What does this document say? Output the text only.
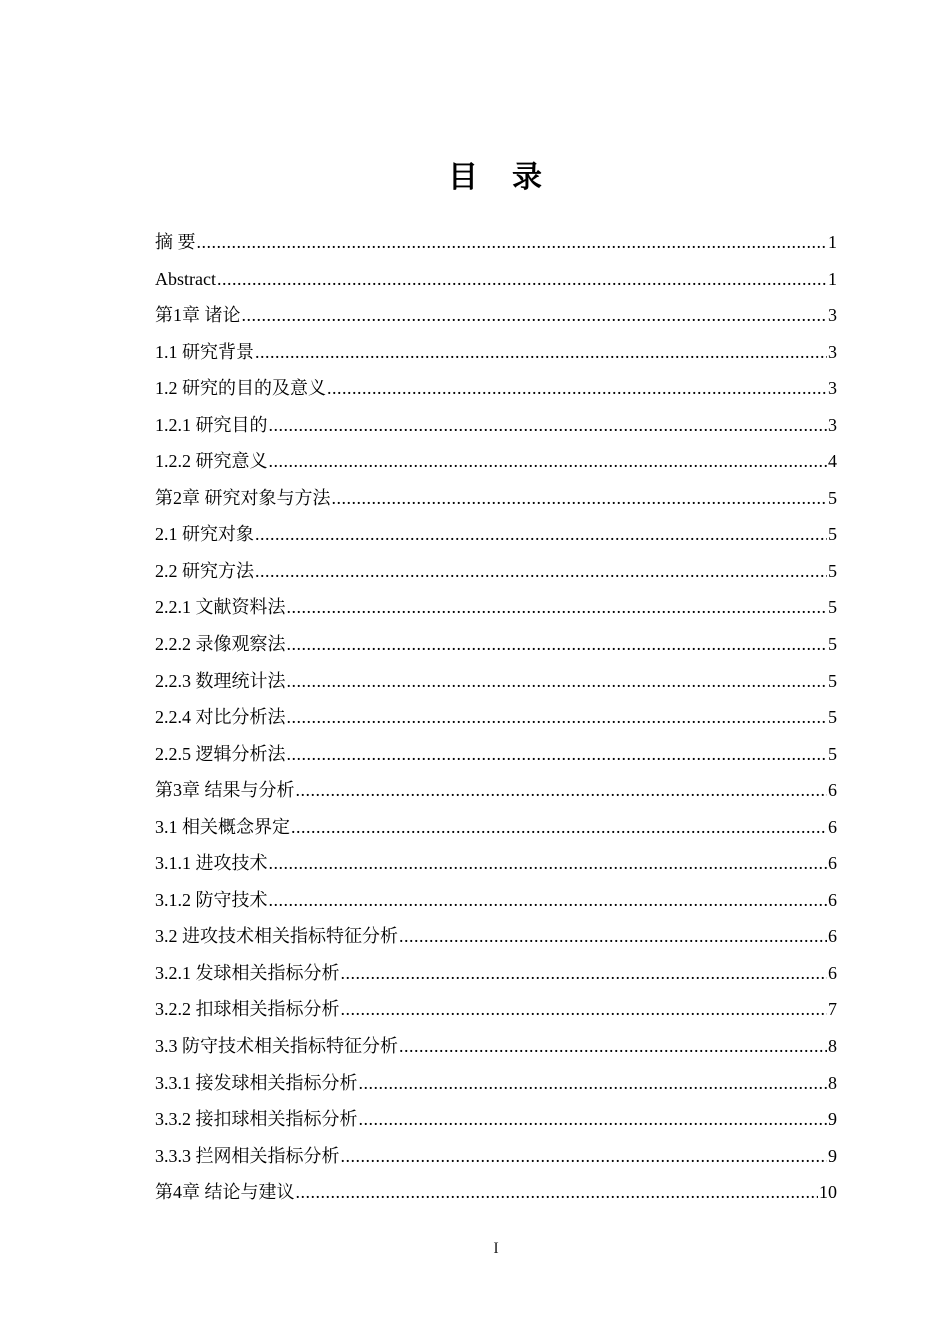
目　录
摘 要 .....	1
Abstract .....	1
第1章 诸论 .....	3
1.1 研究背景 .....	3
1.2 研究的目的及意义 .....	3
1.2.1 研究目的 .....	3
1.2.2 研究意义 .....	4
第2章 研究对象与方法 .....	5
2.1 研究对象 .....	5
2.2 研究方法 .....	5
2.2.1 文献资料法 .....	5
2.2.2 录像观察法 .....	5
2.2.3 数理统计法 .....	5
2.2.4 对比分析法 .....	5
2.2.5 逻辑分析法 .....	5
第3章 结果与分析 .....	6
3.1 相关概念界定 .....	6
3.1.1 进攻技术 .....	6
3.1.2 防守技术 .....	6
3.2 进攻技术相关指标特征分析 .....	6
3.2.1 发球相关指标分析 .....	6
3.2.2 扣球相关指标分析 .....	7
3.3 防守技术相关指标特征分析 .....	8
3.3.1 接发球相关指标分析 .....	8
3.3.2 接扣球相关指标分析 .....	9
3.3.3 拦网相关指标分析 .....	9
第4章 结论与建议 .....	10
I
